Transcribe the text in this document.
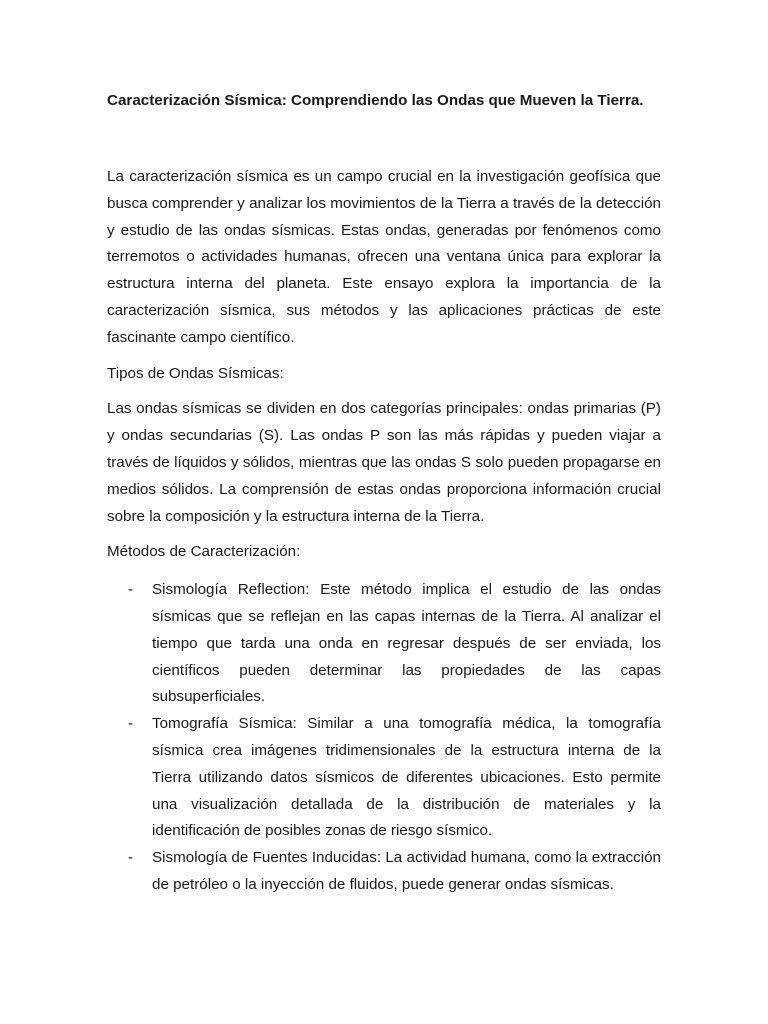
Caracterización Sísmica: Comprendiendo las Ondas que Mueven la Tierra.

La caracterización sísmica es un campo crucial en la investigación geofísica que busca comprender y analizar los movimientos de la Tierra a través de la detección y estudio de las ondas sísmicas. Estas ondas, generadas por fenómenos como terremotos o actividades humanas, ofrecen una ventana única para explorar la estructura interna del planeta. Este ensayo explora la importancia de la caracterización sísmica, sus métodos y las aplicaciones prácticas de este fascinante campo científico.

Tipos de Ondas Sísmicas:

Las ondas sísmicas se dividen en dos categorías principales: ondas primarias (P) y ondas secundarias (S). Las ondas P son las más rápidas y pueden viajar a través de líquidos y sólidos, mientras que las ondas S solo pueden propagarse en medios sólidos. La comprensión de estas ondas proporciona información crucial sobre la composición y la estructura interna de la Tierra.

Métodos de Caracterización:

- Sismología Reflection: Este método implica el estudio de las ondas sísmicas que se reflejan en las capas internas de la Tierra. Al analizar el tiempo que tarda una onda en regresar después de ser enviada, los científicos pueden determinar las propiedades de las capas subsuperficiales.
- Tomografía Sísmica: Similar a una tomografía médica, la tomografía sísmica crea imágenes tridimensionales de la estructura interna de la Tierra utilizando datos sísmicos de diferentes ubicaciones. Esto permite una visualización detallada de la distribución de materiales y la identificación de posibles zonas de riesgo sísmico.
- Sismología de Fuentes Inducidas: La actividad humana, como la extracción de petróleo o la inyección de fluidos, puede generar ondas sísmicas.
